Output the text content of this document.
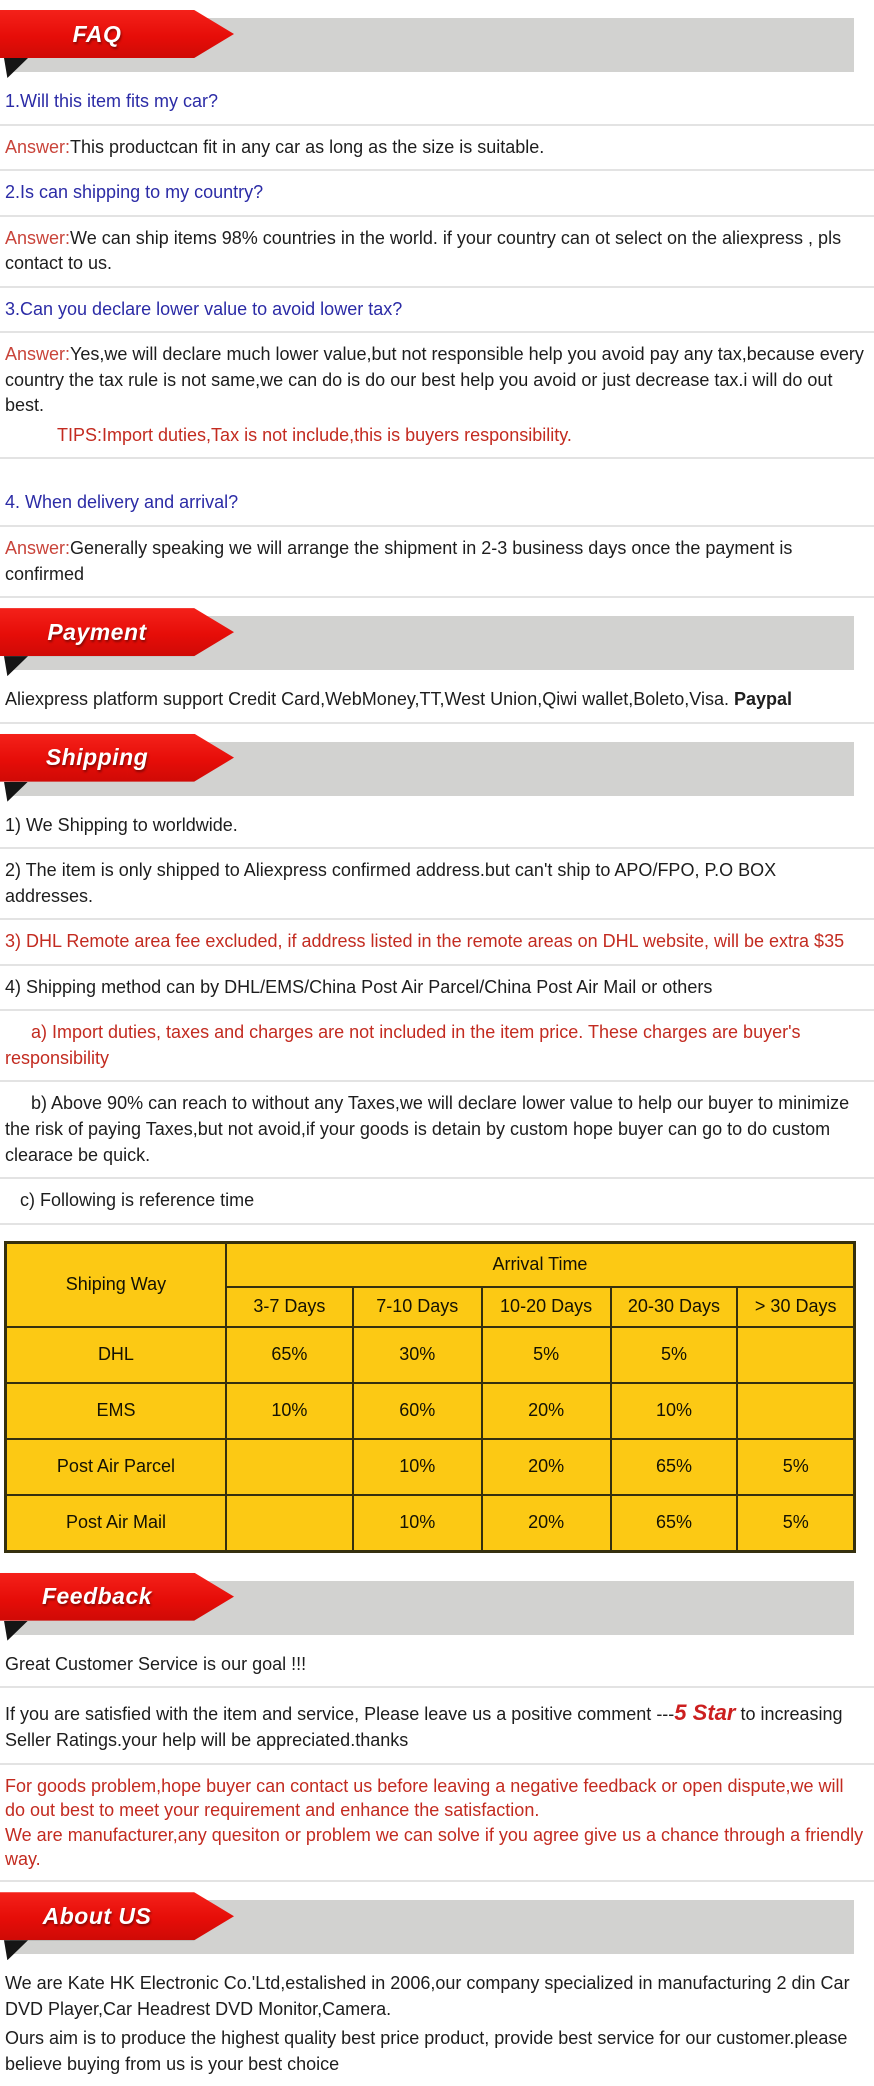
FAQ
1.Will this item fits my car?
Answer:This productcan fit in any car as long as the size is suitable.
2.Is can shipping to my country?
Answer:We can ship items 98% countries in the world. if your country can ot select on the aliexpress , pls contact to us.
3.Can you declare lower value to avoid lower tax?
Answer:Yes,we will declare much lower value,but not responsible help you avoid pay any tax,because every country the tax rule is not same,we can do is do our best help you avoid or just decrease tax.i will do out best.
TIPS:Import duties,Tax is not include,this is buyers responsibility.
4. When delivery and arrival?
Answer:Generally speaking we will arrange the shipment in 2-3 business days once the payment is confirmed
Payment
Aliexpress platform support Credit Card,WebMoney,TT,West Union,Qiwi wallet,Boleto,Visa. Paypal
Shipping
1) We Shipping to worldwide.
2) The item is only shipped to Aliexpress confirmed address.but can't ship to APO/FPO, P.O BOX addresses.
3) DHL Remote area fee excluded, if address listed in the remote areas on DHL website, will be extra $35
4) Shipping method can by DHL/EMS/China Post Air Parcel/China Post Air Mail or others
a) Import duties, taxes and charges are not included in the item price. These charges are buyer's responsibility
b) Above 90% can reach to without any Taxes,we will declare lower value to help our buyer to minimize the risk of paying Taxes,but not avoid,if your goods is detain by custom hope buyer can go to do custom clearace be quick.
c) Following is reference time
Shiping Way	Arrival Time				
	3-7 Days	7-10 Days	10-20 Days	20-30 Days	> 30 Days
DHL	65%	30%	5%	5%	
EMS	10%	60%	20%	10%	
Post Air Parcel		10%	20%	65%	5%
Post Air Mail		10%	20%	65%	5%
Feedback
Great Customer Service is our goal !!!
If you are satisfied with the item and service, Please leave us a positive comment ---5 Star to increasing Seller Ratings.your help will be appreciated.thanks
For goods problem,hope buyer can contact us before leaving a negative feedback or open dispute,we will do out best to meet your requirement and enhance the satisfaction.
We are manufacturer,any quesiton or problem we can solve if you agree give us a chance through a friendly way.
About US
We are Kate HK Electronic Co.'Ltd,estalished in 2006,our company specialized in manufacturing 2 din Car DVD Player,Car Headrest DVD Monitor,Camera.
Ours aim is to produce the highest quality best price product, provide best service for our customer.please believe buying from us is your best choice
